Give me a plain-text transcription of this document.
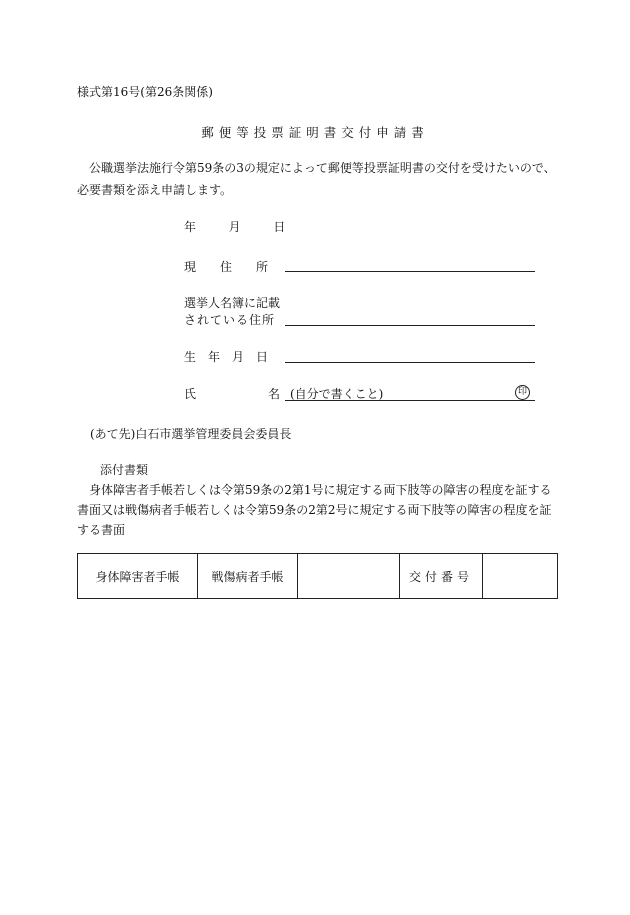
様式第16号(第26条関係)
郵便等投票証明書交付申請書
公職選挙法施行令第59条の3の規定によって郵便等投票証明書の交付を受けたいので、必要書類を添え申請します。
年	月	日
現　　住　　所
選挙人名簿に記載
されている住所
生　年　月　日
氏	名 (自分で書くこと)	印
(あて先)白石市選挙管理委員会委員長
添付書類
身体障害者手帳若しくは令第59条の2第1号に規定する両下肢等の障害の程度を証する書面又は戦傷病者手帳若しくは令第59条の2第2号に規定する両下肢等の障害の程度を証する書面
身体障害者手帳	戦傷病者手帳		交付番号	
